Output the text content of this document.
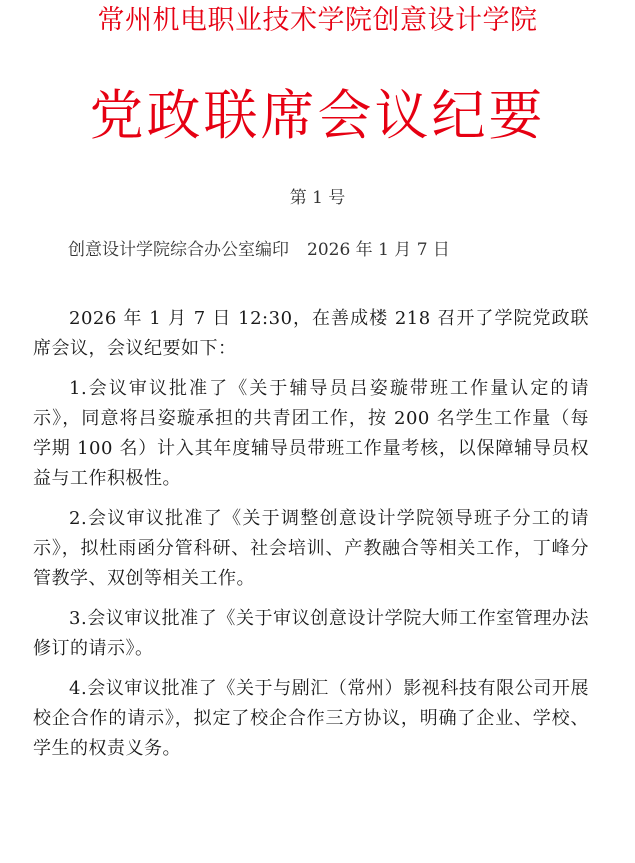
常州机电职业技术学院创意设计学院
党政联席会议纪要
第 1 号
创意设计学院综合办公室编印 2026 年 1 月 7 日

2026 年 1 月 7 日 12:30，在善成楼 218 召开了学院党政联席会议，会议纪要如下：

1.会议审议批准了《关于辅导员吕姿璇带班工作量认定的请示》，同意将吕姿璇承担的共青团工作，按 200 名学生工作量（每学期 100 名）计入其年度辅导员带班工作量考核，以保障辅导员权益与工作积极性。

2.会议审议批准了《关于调整创意设计学院领导班子分工的请示》，拟杜雨函分管科研、社会培训、产教融合等相关工作，丁峰分管教学、双创等相关工作。

3.会议审议批准了《关于审议创意设计学院大师工作室管理办法修订的请示》。

4.会议审议批准了《关于与剧汇（常州）影视科技有限公司开展校企合作的请示》，拟定了校企合作三方协议，明确了企业、学校、学生的权责义务。
